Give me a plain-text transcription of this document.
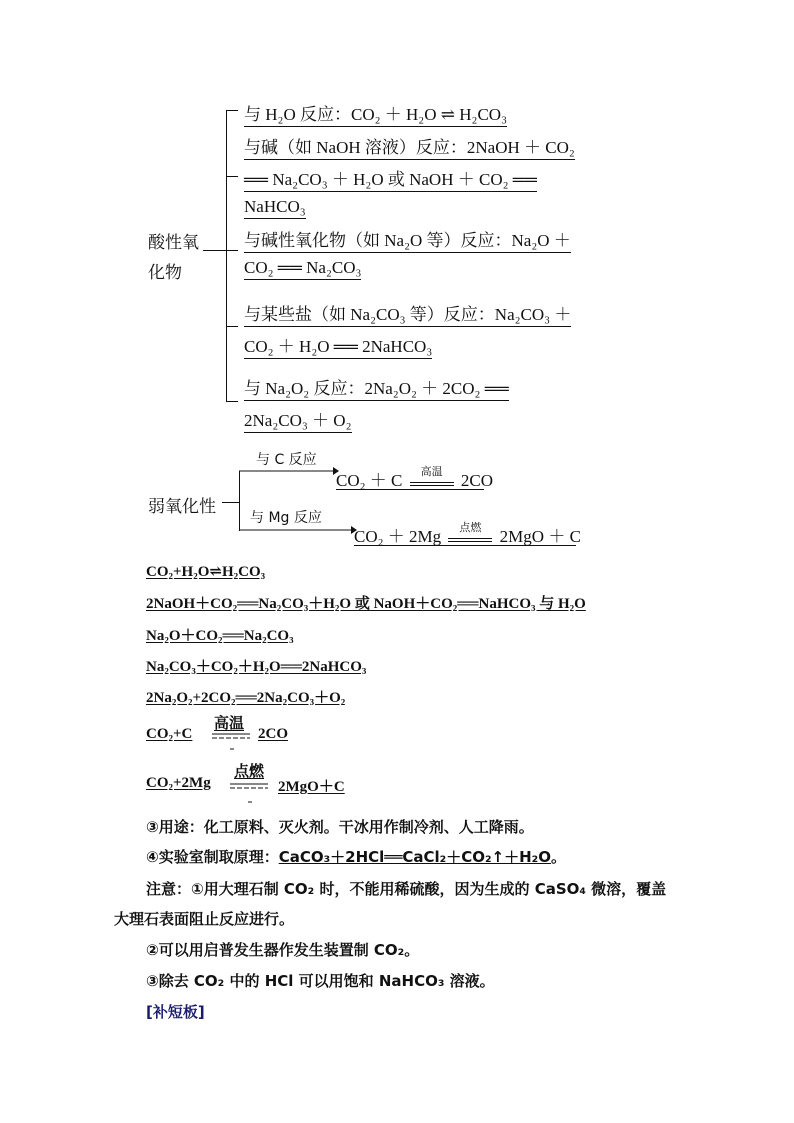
酸性氧
化物
与 H₂O 反应：CO₂ ＋ H₂O ⇌ H₂CO₃
与碱（如 NaOH 溶液）反应：2NaOH ＋ CO₂
══ Na₂CO₃ ＋ H₂O 或 NaOH ＋ CO₂ ══
NaHCO₃
与碱性氧化物（如 Na₂O 等）反应：Na₂O ＋
CO₂ ══ Na₂CO₃
与某些盐（如 Na₂CO₃ 等）反应：Na₂CO₃ ＋
CO₂ ＋ H₂O ══ 2NaHCO₃
与 Na₂O₂ 反应：2Na₂O₂ ＋ 2CO₂ ══
2Na₂CO₃ ＋ O₂
弱氧化性
与 C 反应
CO₂ ＋ C	高温	2CO
与 Mg 反应
CO₂ ＋ 2Mg	点燃	2MgO ＋ C
CO₂+H₂O⇌H₂CO₃
2NaOH＋CO₂══Na₂CO₃＋H₂O 或 NaOH＋CO₂══NaHCO₃ 与 H₂O
Na₂O＋CO₂══Na₂CO₃
Na₂CO₃＋CO₂＋H₂O══2NaHCO₃
2Na₂O₂+2CO₂══2Na₂CO₃＋O₂
CO₂+C
高温
2CO
CO₂+2Mg
点燃
2MgO＋C
③用途：化工原料、灭火剂。干冰用作制冷剂、人工降雨。
④实验室制取原理：CaCO₃＋2HCl══CaCl₂＋CO₂↑＋H₂O。
注意：①用大理石制 CO₂ 时，不能用稀硫酸，因为生成的 CaSO₄ 微溶，覆盖
大理石表面阻止反应进行。
②可以用启普发生器作发生装置制 CO₂。
③除去 CO₂ 中的 HCl 可以用饱和 NaHCO₃ 溶液。
[补短板]
